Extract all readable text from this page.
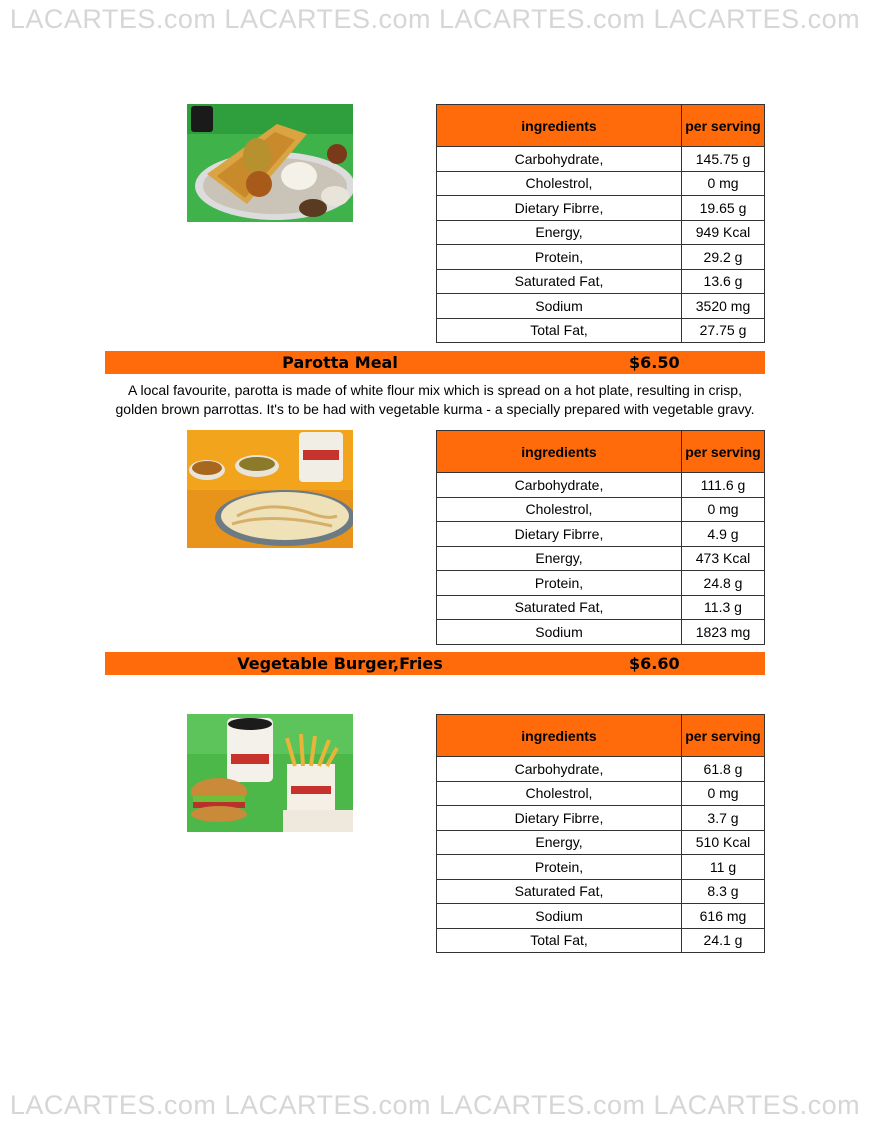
LACARTES.com LACARTES.com LACARTES.com LACARTES.com
LACARTES.com LACARTES.com LACARTES.com LACARTES.com
ingredients	per serving
Carbohydrate,	145.75 g
Cholestrol,	0 mg
Dietary Fibrre,	19.65 g
Energy,	949 Kcal
Protein,	29.2 g
Saturated Fat,	13.6 g
Sodium	3520 mg
Total Fat,	27.75 g
Parotta Meal	$6.50
A local favourite, parotta is made of white flour mix which is spread on a hot plate, resulting in crisp,
golden brown parrottas. It's to be had with vegetable kurma - a specially prepared with vegetable gravy.
ingredients	per serving
Carbohydrate,	111.6 g
Cholestrol,	0 mg
Dietary Fibrre,	4.9 g
Energy,	473 Kcal
Protein,	24.8 g
Saturated Fat,	11.3 g
Sodium	1823 mg
Vegetable Burger,Fries	$6.60
ingredients	per serving
Carbohydrate,	61.8 g
Cholestrol,	0 mg
Dietary Fibrre,	3.7 g
Energy,	510 Kcal
Protein,	11 g
Saturated Fat,	8.3 g
Sodium	616 mg
Total Fat,	24.1 g
